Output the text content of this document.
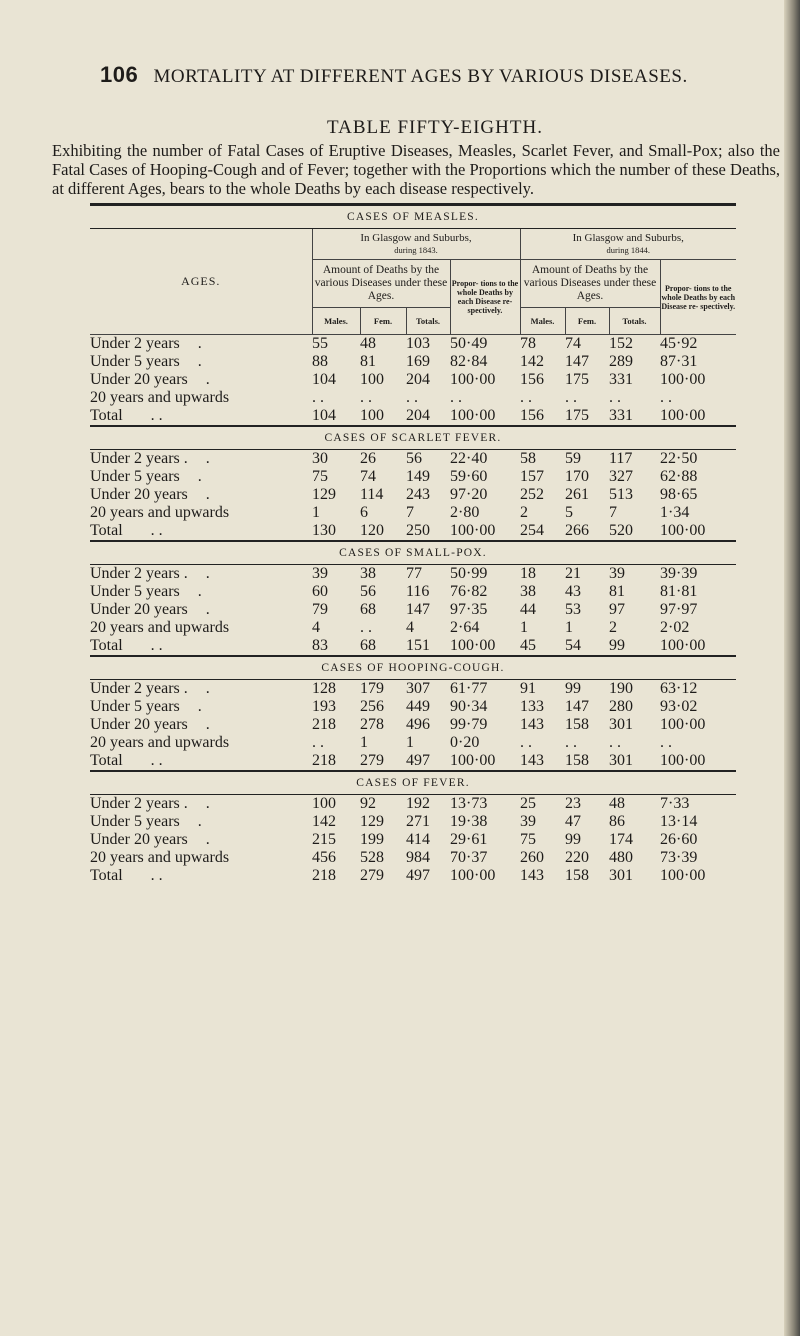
106 MORTALITY AT DIFFERENT AGES BY VARIOUS DISEASES.
TABLE FIFTY-EIGHTH.
Exhibiting the number of Fatal Cases of Eruptive Diseases, Measles, Scarlet Fever, and Small-Pox; also the Fatal Cases of Hooping-Cough and of Fever; together with the Proportions which the number of these Deaths, at different Ages, bears to the whole Deaths by each disease respectively.
CASES OF MEASLES.								
AGES.	In Glasgow and Suburbs,
during 1843.				In Glasgow and Suburbs,
during 1844.			
	Amount of Deaths by the various Diseases under these Ages.			Propor- tions to the whole Deaths by each Disease re- spectively.	Amount of Deaths by the various Diseases under these Ages.			Propor- tions to the whole Deaths by each Disease re- spectively.
	Males.	Fem.	Totals.		Males.	Fem.	Totals.	
Under 2 years .	55	48	103	50·49	78	74	152	45·92
Under 5 years .	88	81	169	82·84	142	147	289	87·31
Under 20 years .	104	100	204	100·00	156	175	331	100·00
20 years and upwards	. .	. .	. .	. .	. .	. .	. .	. .

Total . .	104	100	204	100·00	156	175	331	100·00
CASES OF SCARLET FEVER.								
Under 2 years . .	30	26	56	22·40	58	59	117	22·50
Under 5 years .	75	74	149	59·60	157	170	327	62·88
Under 20 years .	129	114	243	97·20	252	261	513	98·65
20 years and upwards	1	6	7	2·80	2	5	7	1·34

Total . .	130	120	250	100·00	254	266	520	100·00
CASES OF SMALL-POX.								
Under 2 years . .	39	38	77	50·99	18	21	39	39·39
Under 5 years .	60	56	116	76·82	38	43	81	81·81
Under 20 years .	79	68	147	97·35	44	53	97	97·97
20 years and upwards	4	. .	4	2·64	1	1	2	2·02

Total . .	83	68	151	100·00	45	54	99	100·00
CASES OF HOOPING-COUGH.								
Under 2 years . .	128	179	307	61·77	91	99	190	63·12
Under 5 years .	193	256	449	90·34	133	147	280	93·02
Under 20 years .	218	278	496	99·79	143	158	301	100·00
20 years and upwards	. .	1	1	0·20	. .	. .	. .	. .

Total . .	218	279	497	100·00	143	158	301	100·00
CASES OF FEVER.								
Under 2 years . .	100	92	192	13·73	25	23	48	7·33
Under 5 years .	142	129	271	19·38	39	47	86	13·14
Under 20 years .	215	199	414	29·61	75	99	174	26·60
20 years and upwards	456	528	984	70·37	260	220	480	73·39

Total . .	218	279	497	100·00	143	158	301	100·00
